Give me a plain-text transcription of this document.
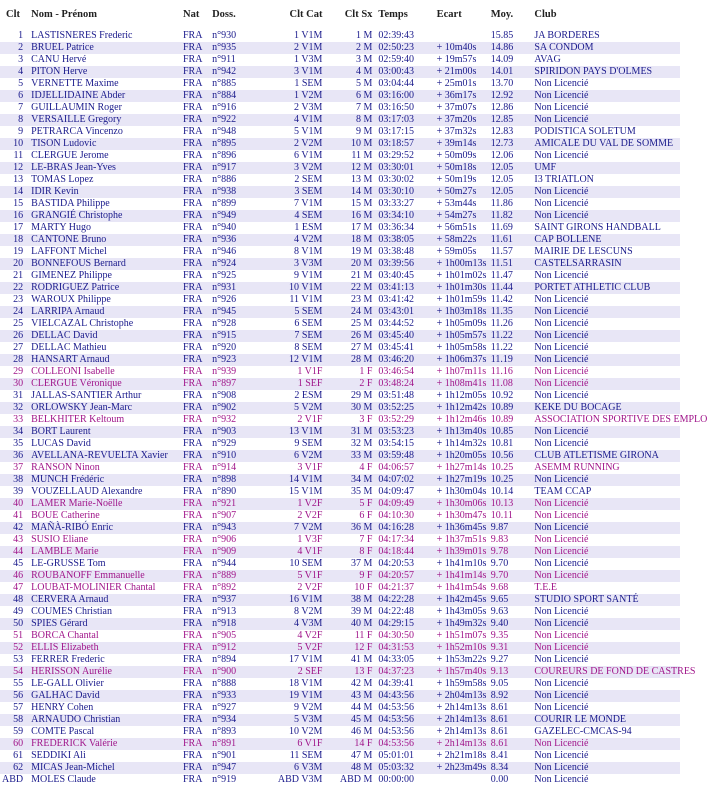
Clt	Nom - Prénom	Nat	Doss.	Clt Cat	Clt Sx	Temps	Ecart	Moy.	Club
1	LASTISNERES Frederic	FRA	n°930	1 V1M	1 M	02:39:43		15.85	JA BORDERES
2	BRUEL Patrice	FRA	n°935	2 V1M	2 M	02:50:23	+ 10m40s	14.86	SA CONDOM
3	CANU Hervé	FRA	n°911	1 V3M	3 M	02:59:40	+ 19m57s	14.09	AVAG
4	PITON Herve	FRA	n°942	3 V1M	4 M	03:00:43	+ 21m00s	14.01	SPIRIDON PAYS D'OLMES
5	VERNETTE Maxime	FRA	n°885	1 SEM	5 M	03:04:44	+ 25m01s	13.70	Non Licencié
6	IDJELLIDAINE Abder	FRA	n°884	1 V2M	6 M	03:16:00	+ 36m17s	12.92	Non Licencié
7	GUILLAUMIN Roger	FRA	n°916	2 V3M	7 M	03:16:50	+ 37m07s	12.86	Non Licencié
8	VERSAILLE Gregory	FRA	n°922	4 V1M	8 M	03:17:03	+ 37m20s	12.85	Non Licencié
9	PETRARCA Vincenzo	FRA	n°948	5 V1M	9 M	03:17:15	+ 37m32s	12.83	PODISTICA SOLETUM
10	TISON Ludovic	FRA	n°895	2 V2M	10 M	03:18:57	+ 39m14s	12.73	AMICALE DU VAL DE SOMME
11	CLERGUE Jerome	FRA	n°896	6 V1M	11 M	03:29:52	+ 50m09s	12.06	Non Licencié
12	LE-BRAS Jean-Yves	FRA	n°917	3 V2M	12 M	03:30:01	+ 50m18s	12.05	UMF
13	TOMAS Lopez	FRA	n°886	2 SEM	13 M	03:30:02	+ 50m19s	12.05	I3 TRIATLON
14	IDIR Kevin	FRA	n°938	3 SEM	14 M	03:30:10	+ 50m27s	12.05	Non Licencié
15	BASTIDA Philippe	FRA	n°899	7 V1M	15 M	03:33:27	+ 53m44s	11.86	Non Licencié
16	GRANGIÉ Christophe	FRA	n°949	4 SEM	16 M	03:34:10	+ 54m27s	11.82	Non Licencié
17	MARTY Hugo	FRA	n°940	1 ESM	17 M	03:36:34	+ 56m51s	11.69	SAINT GIRONS HANDBALL
18	CANTONE Bruno	FRA	n°936	4 V2M	18 M	03:38:05	+ 58m22s	11.61	CAP BOLLENE
19	LAFFONT Michel	FRA	n°946	8 V1M	19 M	03:38:48	+ 59m05s	11.57	MAIRIE DE LESCUNS
20	BONNEFOUS Bernard	FRA	n°924	3 V3M	20 M	03:39:56	+ 1h00m13s	11.51	CASTELSARRASIN
21	GIMENEZ Philippe	FRA	n°925	9 V1M	21 M	03:40:45	+ 1h01m02s	11.47	Non Licencié
22	RODRIGUEZ Patrice	FRA	n°931	10 V1M	22 M	03:41:13	+ 1h01m30s	11.44	PORTET ATHLETIC CLUB
23	WAROUX Philippe	FRA	n°926	11 V1M	23 M	03:41:42	+ 1h01m59s	11.42	Non Licencié
24	LARRIPA Arnaud	FRA	n°945	5 SEM	24 M	03:43:01	+ 1h03m18s	11.35	Non Licencié
25	VIELCAZAL Christophe	FRA	n°928	6 SEM	25 M	03:44:52	+ 1h05m09s	11.26	Non Licencié
26	DELLAC David	FRA	n°915	7 SEM	26 M	03:45:40	+ 1h05m57s	11.22	Non Licencié
27	DELLAC Mathieu	FRA	n°920	8 SEM	27 M	03:45:41	+ 1h05m58s	11.22	Non Licencié
28	HANSART Arnaud	FRA	n°923	12 V1M	28 M	03:46:20	+ 1h06m37s	11.19	Non Licencié
29	COLLEONI Isabelle	FRA	n°939	1 V1F	1 F	03:46:54	+ 1h07m11s	11.16	Non Licencié
30	CLERGUE Véronique	FRA	n°897	1 SEF	2 F	03:48:24	+ 1h08m41s	11.08	Non Licencié
31	JALLAS-SANTIER Arthur	FRA	n°908	2 ESM	29 M	03:51:48	+ 1h12m05s	10.92	Non Licencié
32	ORLOWSKY Jean-Marc	FRA	n°902	5 V2M	30 M	03:52:25	+ 1h12m42s	10.89	KEKE DU BOCAGE
33	BELKHITER Keltoum	FRA	n°932	2 V1F	3 F	03:52:29	+ 1h12m46s	10.89	ASSOCIATION SPORTIVE DES EMPLO
34	BORT Laurent	FRA	n°903	13 V1M	31 M	03:53:23	+ 1h13m40s	10.85	Non Licencié
35	LUCAS David	FRA	n°929	9 SEM	32 M	03:54:15	+ 1h14m32s	10.81	Non Licencié
36	AVELLANA-REVUELTA Xavier	FRA	n°910	6 V2M	33 M	03:59:48	+ 1h20m05s	10.56	CLUB ATLETISME GIRONA
37	RANSON Ninon	FRA	n°914	3 V1F	4 F	04:06:57	+ 1h27m14s	10.25	ASEMM RUNNING
38	MUNCH Frédéric	FRA	n°898	14 V1M	34 M	04:07:02	+ 1h27m19s	10.25	Non Licencié
39	VOUZELLAUD Alexandre	FRA	n°890	15 V1M	35 M	04:09:47	+ 1h30m04s	10.14	TEAM CCAP
40	LAMER Marie-Noëlle	FRA	n°921	1 V2F	5 F	04:09:49	+ 1h30m06s	10.13	Non Licencié
41	BOUE Catherine	FRA	n°907	2 V2F	6 F	04:10:30	+ 1h30m47s	10.11	Non Licencié
42	MAÑÀ-RIBÓ Enric	FRA	n°943	7 V2M	36 M	04:16:28	+ 1h36m45s	9.87	Non Licencié
43	SUSIO Eliane	FRA	n°906	1 V3F	7 F	04:17:34	+ 1h37m51s	9.83	Non Licencié
44	LAMBLE Marie	FRA	n°909	4 V1F	8 F	04:18:44	+ 1h39m01s	9.78	Non Licencié
45	LE-GRUSSE Tom	FRA	n°944	10 SEM	37 M	04:20:53	+ 1h41m10s	9.70	Non Licencié
46	ROUBANOFF Emmanuelle	FRA	n°889	5 V1F	9 F	04:20:57	+ 1h41m14s	9.70	Non Licencié
47	LOUBAT-MOLINIER Chantal	FRA	n°892	2 V2F	10 F	04:21:37	+ 1h41m54s	9.68	T.E.E
48	CERVERA Arnaud	FRA	n°937	16 V1M	38 M	04:22:28	+ 1h42m45s	9.65	STUDIO SPORT SANTÉ
49	COUMES Christian	FRA	n°913	8 V2M	39 M	04:22:48	+ 1h43m05s	9.63	Non Licencié
50	SPIES Gérard	FRA	n°918	4 V3M	40 M	04:29:15	+ 1h49m32s	9.40	Non Licencié
51	BORCA Chantal	FRA	n°905	4 V2F	11 F	04:30:50	+ 1h51m07s	9.35	Non Licencié
52	ELLIS Elizabeth	FRA	n°912	5 V2F	12 F	04:31:53	+ 1h52m10s	9.31	Non Licencié
53	FERRER Frederic	FRA	n°894	17 V1M	41 M	04:33:05	+ 1h53m22s	9.27	Non Licencié
54	HERISSON Aurélie	FRA	n°900	2 SEF	13 F	04:37:23	+ 1h57m40s	9.13	COUREURS DE FOND DE CASTRES
55	LE-GALL Olivier	FRA	n°888	18 V1M	42 M	04:39:41	+ 1h59m58s	9.05	Non Licencié
56	GALHAC David	FRA	n°933	19 V1M	43 M	04:43:56	+ 2h04m13s	8.92	Non Licencié
57	HENRY Cohen	FRA	n°927	9 V2M	44 M	04:53:56	+ 2h14m13s	8.61	Non Licencié
58	ARNAUDO Christian	FRA	n°934	5 V3M	45 M	04:53:56	+ 2h14m13s	8.61	COURIR LE MONDE
59	COMTE Pascal	FRA	n°893	10 V2M	46 M	04:53:56	+ 2h14m13s	8.61	GAZELEC-CMCAS-94
60	FREDERICK Valérie	FRA	n°891	6 V1F	14 F	04:53:56	+ 2h14m13s	8.61	Non Licencié
61	SEDDIKI Ali	FRA	n°901	11 SEM	47 M	05:01:01	+ 2h21m18s	8.41	Non Licencié
62	MICAS Jean-Michel	FRA	n°947	6 V3M	48 M	05:03:32	+ 2h23m49s	8.34	Non Licencié
ABD	MOLES Claude	FRA	n°919	ABD V3M	ABD M	00:00:00		0.00	Non Licencié
